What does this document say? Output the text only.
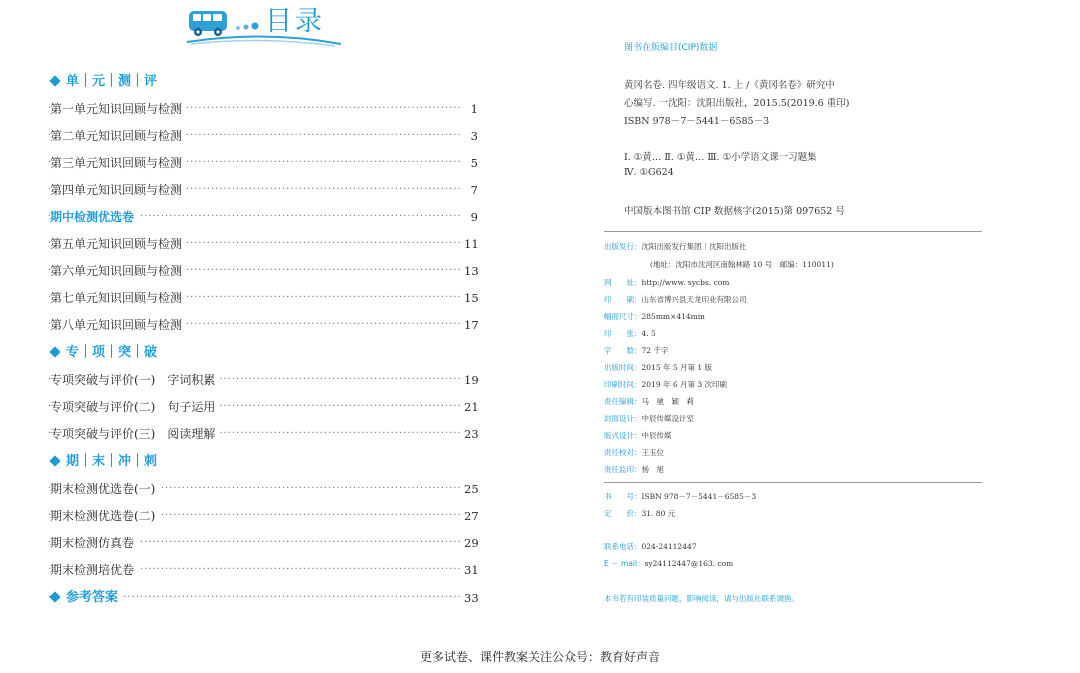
目录
单｜元｜测｜评
·····
第一单元知识回顾与检测	1
·····
第二单元知识回顾与检测	3
·····
第三单元知识回顾与检测	5
·····
第四单元知识回顾与检测	7
·····
期中检测优选卷	9
·····
第五单元知识回顾与检测	11
·····
第六单元知识回顾与检测	13
·····
第七单元知识回顾与检测	15
·····
第八单元知识回顾与检测	17
专｜项｜突｜破
·····
专项突破与评价(一)　字词积累	19
·····
专项突破与评价(二)　句子运用	21
·····
专项突破与评价(三)　阅读理解	23
期｜末｜冲｜刺
·····
期末检测优选卷(一)	25
·····
期末检测优选卷(二)	27
·····
期末检测仿真卷	29
·····
期末检测培优卷	31
·····
参考答案	33
图书在版编目(CIP)数据
黄冈名卷. 四年级语文. 1. 上 /《黄冈名卷》研究中
心编写. 一沈阳：沈阳出版社，2015.5(2019.6 重印)
ISBN 978－7－5441－6585－3
Ⅰ. ①黄… Ⅱ. ①黄… Ⅲ. ①小学语文课一习题集
Ⅳ. ①G624
中国版本图书馆 CIP 数据核字(2015)第 097652 号
出版发行：沈阳出版发行集团｜沈阳出版社
(地址：沈阳市沈河区南翰林路 10 号　邮编：110011)
网　　址：http://www. sycbs. com
印　　刷：山东省博兴县天龙印业有限公司
幅面尺寸：285mm×414mm
印　　张：4. 5
字　　数：72 千字
出版时间：2015 年 5 月第 1 版
印刷时间：2019 年 6 月第 3 次印刷
责任编辑：马　驰　颖　莉
封面设计：中辰传媒设计室
版式设计：中辰传媒
责任校对：王玉位
责任监印：杨　旭
书　　号：ISBN 978－7－5441－6585－3
定　　价：31. 80 元
联系电话：024-24112447
E － mail：sy24112447@163. com
本书若有印装质量问题，影响阅读，请与出版社联系调换。
更多试卷、课件教案关注公众号：教育好声音
